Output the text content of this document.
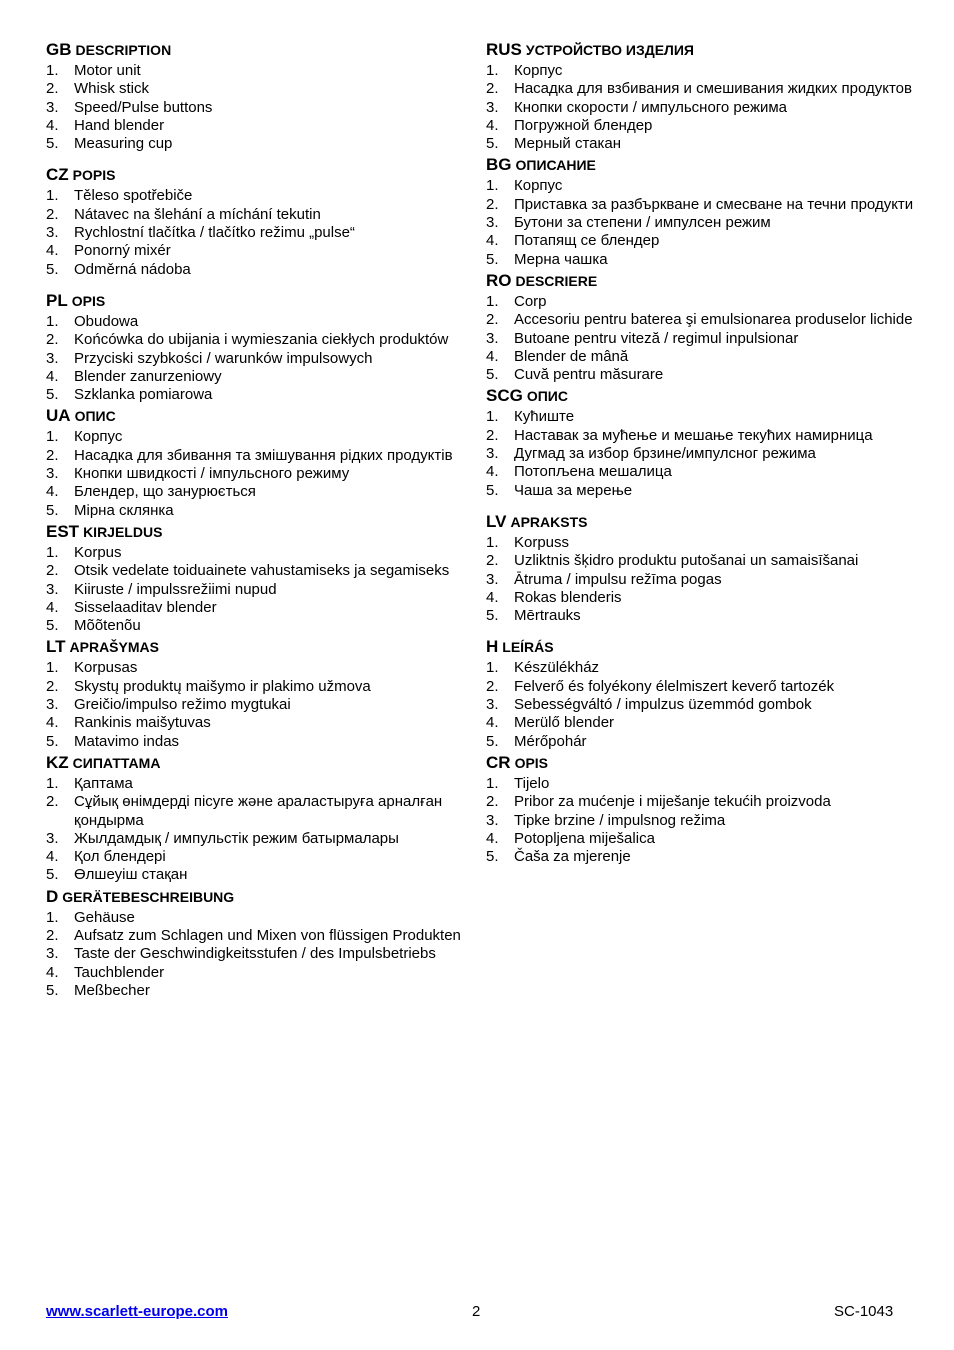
GB DESCRIPTION
1. Motor unit
2. Whisk stick
3. Speed/Pulse buttons
4. Hand blender
5. Measuring cup
CZ POPIS
1. Těleso spotřebiče
2. Nátavec na šlehání a míchání tekutin
3. Rychlostní tlačítka / tlačítko režimu „pulse“
4. Ponorný mixér
5. Odměrná nádoba
PL OPIS
1. Obudowa
2. Końcówka do ubijania i wymieszania ciekłych produktów
3. Przyciski szybkości / warunków impulsowych
4. Blender zanurzeniowy
5. Szklanka pomiarowa
UA ОПИС
1. Корпус
2. Насадка для збивання та змішування рідких продуктів
3. Кнопки швидкості / імпульсного режиму
4. Блендер, що занурюється
5. Мірна склянка
EST KIRJELDUS
1. Korpus
2. Otsik vedelate toiduainete vahustamiseks ja segamiseks
3. Kiiruste / impulssrežiimi nupud
4. Sisselaaditav blender
5. Mõõtenõu
LT APRAŠYMAS
1. Korpusas
2. Skystų produktų maišymo ir plakimo užmova
3. Greičio/impulso režimo mygtukai
4. Rankinis maišytuvas
5. Matavimo indas
KZ СИПАТТАМА
1. Қаптама
2. Сұйық өнімдерді пісуге және араластыруға арналған қондырма
3. Жылдамдық / импульстік режим батырмалары
4. Қол блендері
5. Өлшеуіш стақан
D GERÄTEBESCHREIBUNG
1. Gehäuse
2. Aufsatz zum Schlagen und Mixen von flüssigen Produkten
3. Taste der Geschwindigkeitsstufen / des Impulsbetriebs
4. Tauchblender
5. Meßbecher
RUS УСТРОЙСТВО ИЗДЕЛИЯ
1. Корпус
2. Насадка для взбивания и смешивания жидких продуктов
3. Кнопки скорости / импульсного режима
4. Погружной блендер
5. Мерный стакан
BG ОПИСАНИЕ
1. Корпус
2. Приставка за разбъркване и смесване на течни продукти
3. Бутони за степени / импулсен режим
4. Потапящ се блендер
5. Мерна чашка
RO DESCRIERE
1. Corp
2. Accesoriu pentru baterea şi emulsionarea produselor lichide
3. Butoane pentru viteză / regimul inpulsionar
4. Blender de mână
5. Cuvă pentru măsurare
SCG ОПИС
1. Кућиште
2. Наставак за мућење и мешање текућих намирница
3. Дугмад за избор брзине/импулсног режима
4. Потопљена мешалица
5. Чаша за мерење
LV APRAKSTS
1. Korpuss
2. Uzliktnis šķidro produktu putošanai un samaisīšanai
3. Ātruma / impulsu režīma pogas
4. Rokas blenderis
5. Mērtrauks
H LEÍRÁS
1. Készülékház
2. Felverő és folyékony élelmiszert keverő tartozék
3. Sebességváltó / impulzus üzemmód gombok
4. Merülő blender
5. Mérőpohár
CR OPIS
1. Tijelo
2. Pribor za mućenje i miješanje tekućih proizvoda
3. Tipke brzine / impulsnog režima
4. Potopljena miješalica
5. Čaša za mjerenje
www.scarlett-europe.com	2	SC-1043
